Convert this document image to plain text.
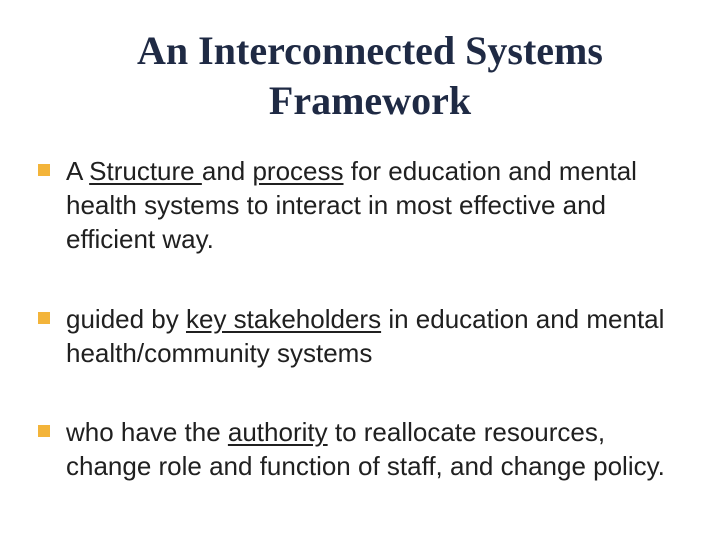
An Interconnected Systems
Framework
A Structure and process for education and mental health systems to interact in most effective and efficient way.
guided by key stakeholders in education and mental health/community systems
who have the authority to reallocate resources, change role and function of staff, and change policy.
